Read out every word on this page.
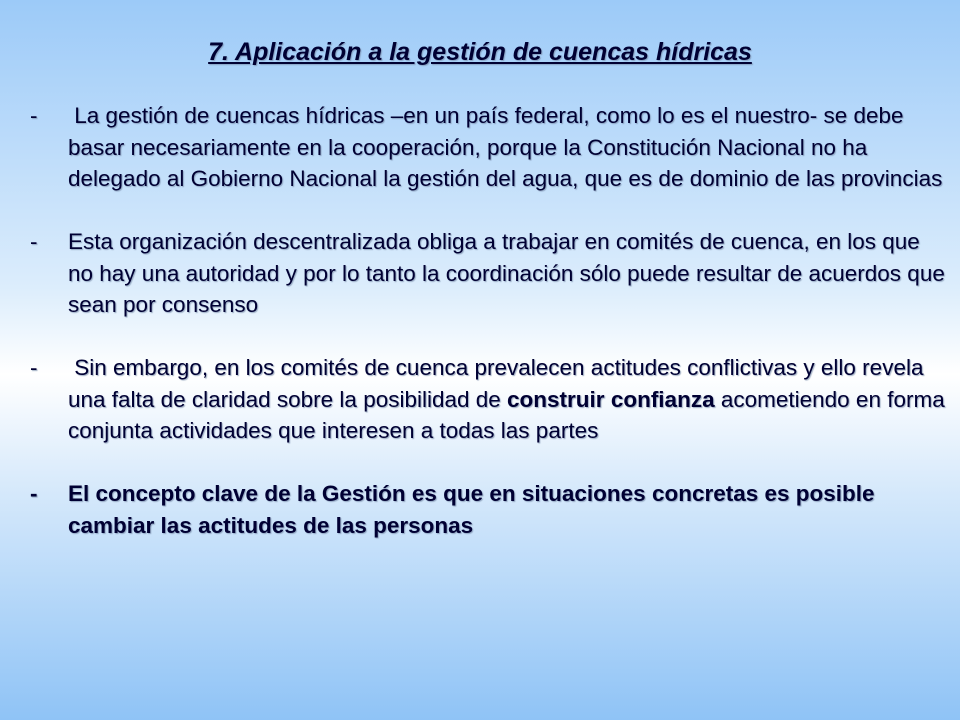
7. Aplicación a la gestión de cuencas hídricas
- La gestión de cuencas hídricas –en un país federal, como lo es el nuestro- se debe basar necesariamente en la cooperación, porque la Constitución Nacional no ha delegado al Gobierno Nacional la gestión del agua, que es de dominio de las provincias
- Esta organización descentralizada obliga a trabajar en comités de cuenca, en los que no hay una autoridad y por lo tanto la coordinación sólo puede resultar de acuerdos que sean por consenso
- Sin embargo, en los comités de cuenca prevalecen actitudes conflictivas y ello revela una falta de claridad sobre la posibilidad de construir confianza acometiendo en forma conjunta actividades que interesen a todas las partes
- El concepto clave de la Gestión es que en situaciones concretas es posible cambiar las actitudes de las personas
